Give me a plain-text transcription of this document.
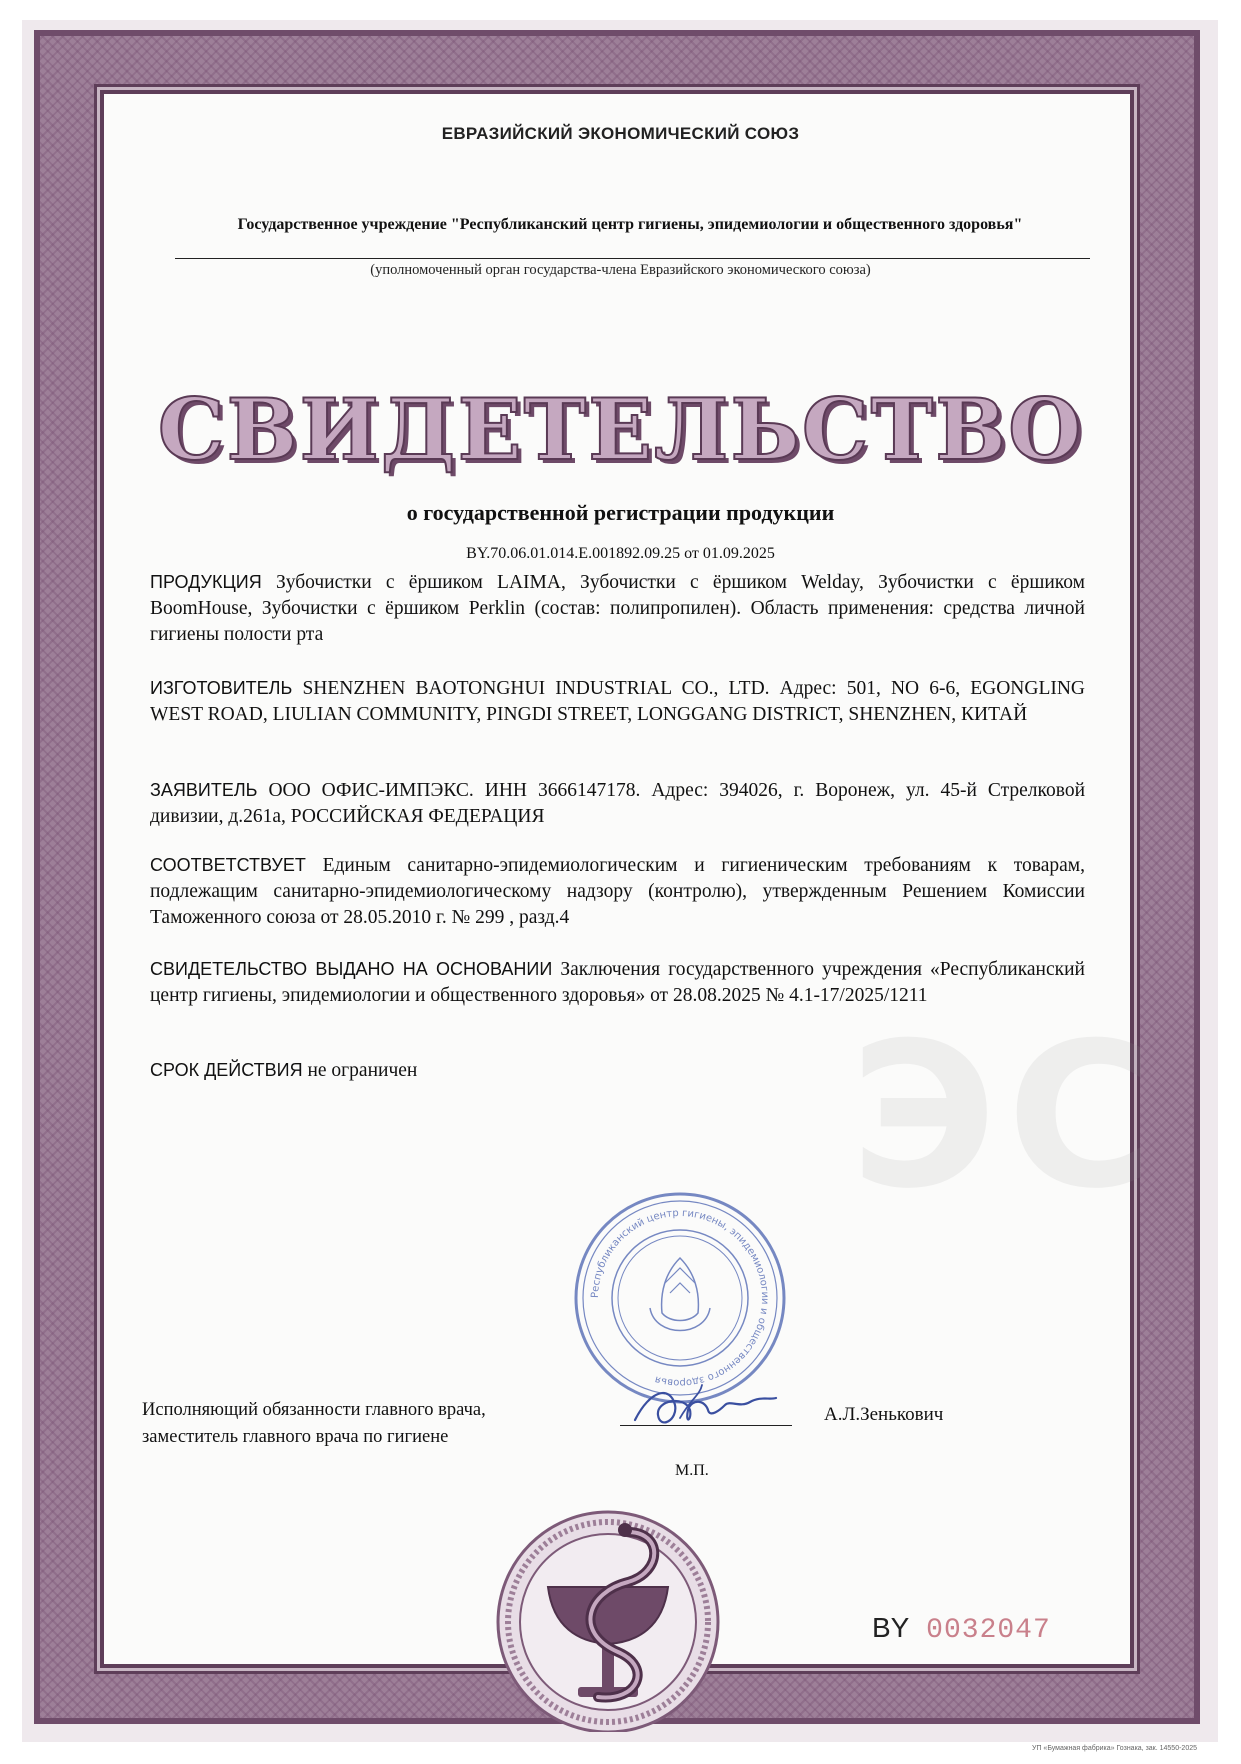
ЭС
ЕВРАЗИЙСКИЙ ЭКОНОМИЧЕСКИЙ СОЮЗ
Государственное учреждение "Республиканский центр гигиены, эпидемиологии и общественного здоровья"
(уполномоченный орган государства-члена Евразийского экономического союза)
СВИДЕТЕЛЬСТВО
о государственной регистрации продукции
BY.70.06.01.014.E.001892.09.25 от 01.09.2025
ПРОДУКЦИЯ Зубочистки с ёршиком LAIMA, Зубочистки с ёршиком Welday, Зубочистки с ёршиком BoomHouse, Зубочистки с ёршиком Perklin (состав: полипропилен). Область применения: средства личной гигиены полости рта
ИЗГОТОВИТЕЛЬ SHENZHEN BAOTONGHUI INDUSTRIAL CO., LTD. Адрес: 501, NO 6-6, EGONGLING WEST ROAD, LIULIAN COMMUNITY, PINGDI STREET, LONGGANG DISTRICT, SHENZHEN, КИТАЙ
ЗАЯВИТЕЛЬ ООО ОФИС-ИМПЭКС. ИНН 3666147178. Адрес: 394026, г. Воронеж, ул. 45-й Стрелковой дивизии, д.261а, РОССИЙСКАЯ ФЕДЕРАЦИЯ
СООТВЕТСТВУЕТ Единым санитарно-эпидемиологическим и гигиеническим требованиям к товарам, подлежащим санитарно-эпидемиологическому надзору (контролю), утвержденным Решением Комиссии Таможенного союза от 28.05.2010 г. № 299 , разд.4
СВИДЕТЕЛЬСТВО ВЫДАНО НА ОСНОВАНИИ Заключения государственного учреждения «Республиканский центр гигиены, эпидемиологии и общественного здоровья» от 28.08.2025 № 4.1-17/2025/1211
СРОК ДЕЙСТВИЯ не ограничен
Республиканский центр гигиены, эпидемиологии и общественного здоровья
Исполняющий обязанности главного врача,
заместитель главного врача по гигиене
А.Л.Зенькович
М.П.
BY 0032047
УП «Бумажная фабрика» Гознака, зак. 14550-2025
